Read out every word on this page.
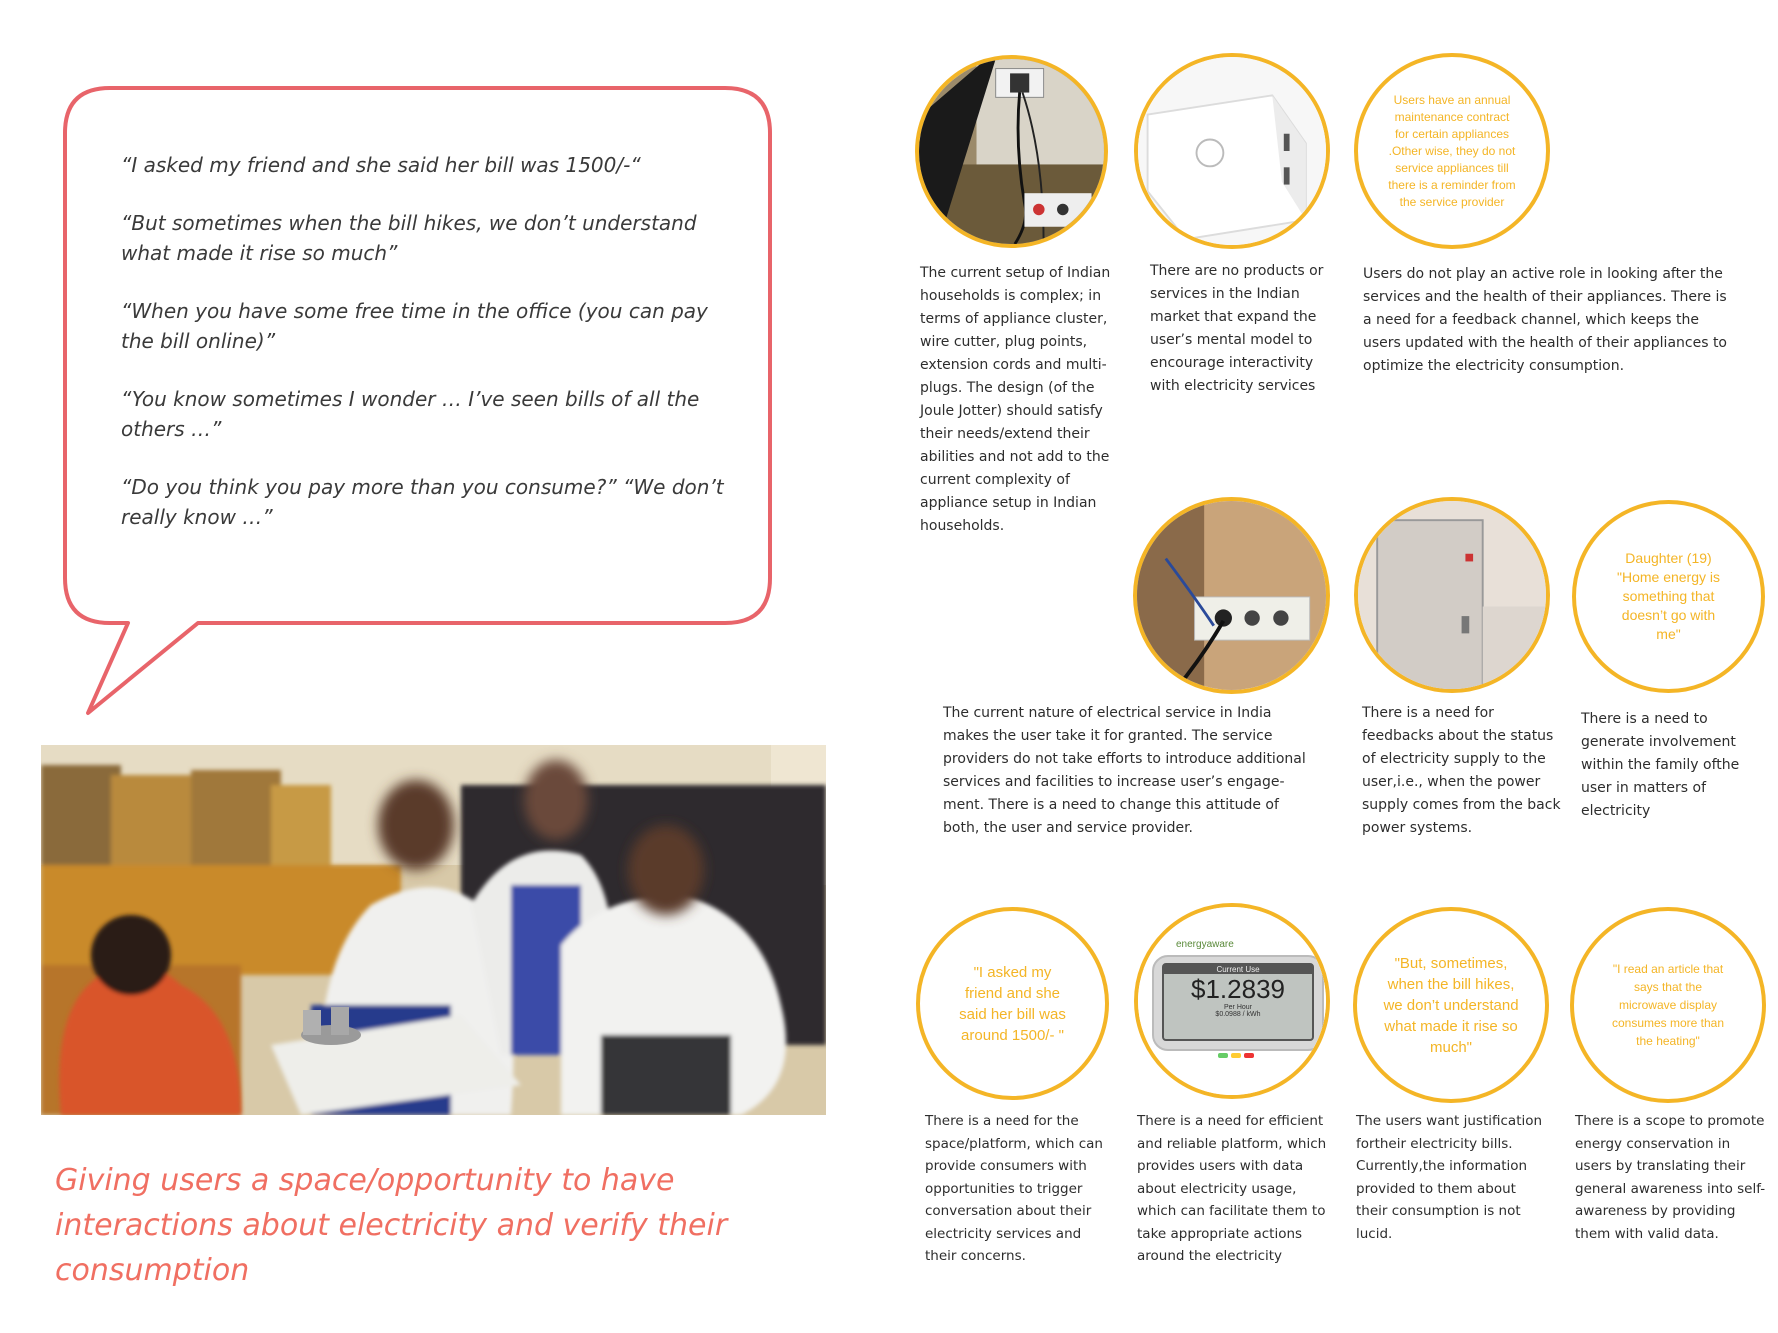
“I asked my friend and she said her bill was 1500/-“

“But sometimes when the bill hikes, we don’t understand what made it rise so much”

“When you have some free time in the office (you can pay the bill online)”

“You know sometimes I wonder … I’ve seen bills of all the others …”

“Do you think you pay more than you consume?” “We don’t really know …”

Giving users a space/opportunity to have interactions about electricity and verify their consumption
Users have an annual maintenance contract for certain appliances .Other wise, they do not service appliances till there is a reminder from the service provider
The current setup of Indian households is complex; in terms of appliance cluster, wire cutter, plug points, extension cords and multi-plugs. The design (of the Joule Jotter) should satisfy their needs/extend their abilities and not add to the current complexity of appliance setup in Indian households.
There are no products or services in the Indian market that expand the user’s mental model to encourage interactivity with electricity services
Users do not play an active role in looking after the services and the health of their appliances. There is a need for a feedback channel, which keeps the users updated with the health of their appliances to optimize the electricity consumption.
Daughter (19) "Home energy is something that doesn’t go with me"
The current nature of electrical service in India makes the user take it for granted. The service providers do not take efforts to introduce additional services and facilities to increase user’s engage-ment. There is a need to change this attitude of both, the user and service provider.
There is a need for feedbacks about the status of electricity supply to the user,i.e., when the power supply comes from the back power systems.
There is a need to generate involvement within the family ofthe user in matters of electricity
"I asked my friend and she said her bill was around 1500/- "
energyaware
Current Use
$1.2839
Per Hour
$0.0988 / kWh
"But, sometimes, when the bill hikes, we don’t understand what made it rise so much"
"I read an article that says that the microwave display consumes more than the heating"
There is a need for the space/platform, which can provide consumers with opportunities to trigger conversation about their electricity services and their concerns.
There is a need for efficient and reliable platform, which provides users with data about electricity usage, which can facilitate them to take appropriate actions around the electricity
The users want justification fortheir electricity bills. Currently,the information provided to them about their consumption is not lucid.
There is a scope to promote energy conservation in users by translating their general awareness into self-awareness by providing them with valid data.
